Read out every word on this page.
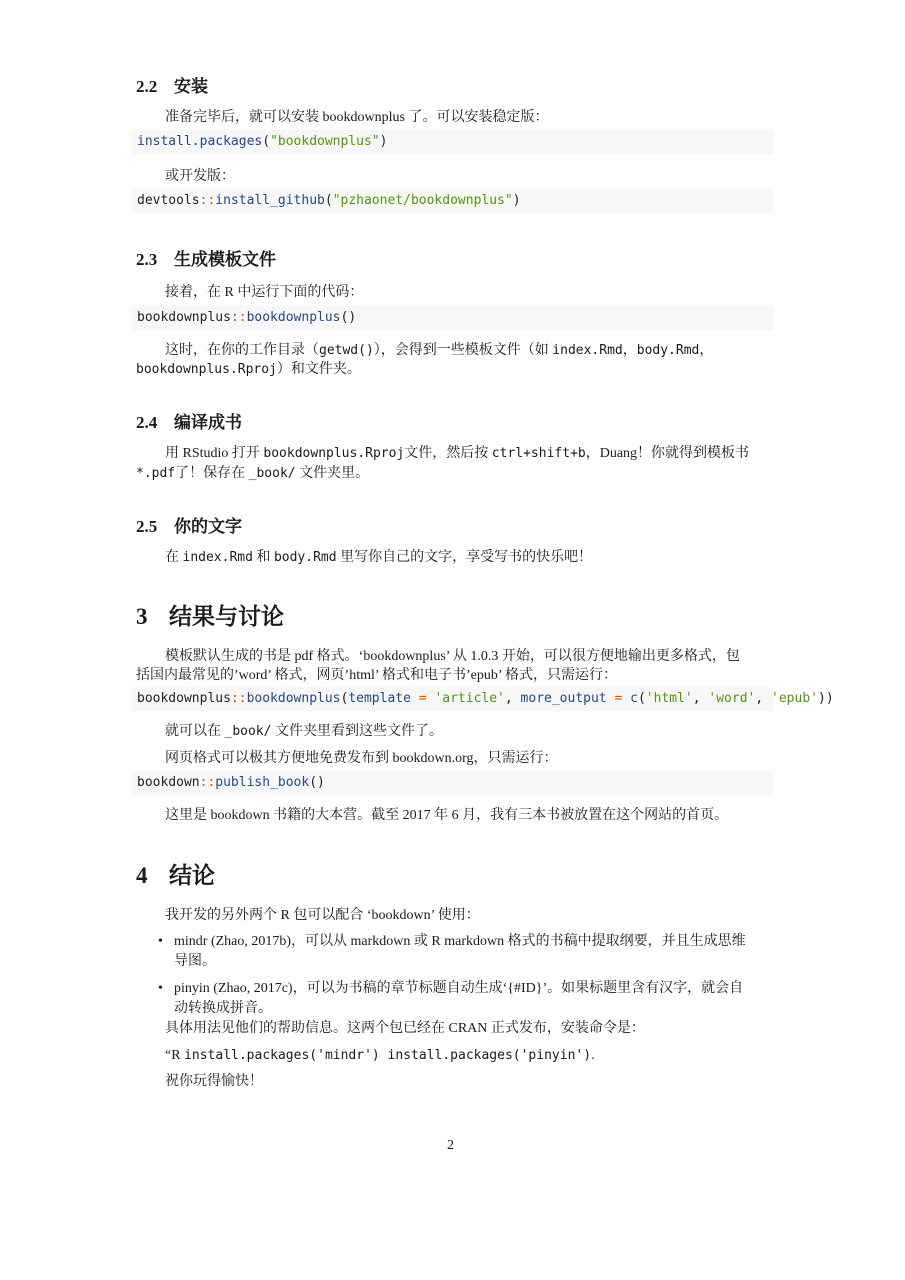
2.2 安装
准备完毕后，就可以安装 bookdownplus 了。可以安装稳定版：
install.packages("bookdownplus")
或开发版：
devtools::install_github("pzhaonet/bookdownplus")
2.3 生成模板文件
接着，在 R 中运行下面的代码：
bookdownplus::bookdownplus()
这时，在你的工作目录（getwd()），会得到一些模板文件（如 index.Rmd，body.Rmd，
bookdownplus.Rproj）和文件夹。
2.4 编译成书
用 RStudio 打开 bookdownplus.Rproj文件，然后按 ctrl+shift+b，Duang！你就得到模板书
*.pdf了！保存在 _book/ 文件夹里。
2.5 你的文字
在 index.Rmd 和 body.Rmd 里写你自己的文字，享受写书的快乐吧！
3 结果与讨论
模板默认生成的书是 pdf 格式。‘bookdownplus’ 从 1.0.3 开始，可以很方便地输出更多格式，包
括国内最常见的’word’ 格式，网页’html’ 格式和电子书’epub’ 格式，只需运行：
bookdownplus::bookdownplus(template = 'article', more_output = c('html', 'word', 'epub'))
就可以在 _book/ 文件夹里看到这些文件了。
网页格式可以极其方便地免费发布到 bookdown.org，只需运行：
bookdown::publish_book()
这里是 bookdown 书籍的大本营。截至 2017 年 6 月，我有三本书被放置在这个网站的首页。
4 结论
我开发的另外两个 R 包可以配合 ‘bookdown’ 使用：
• mindr (Zhao, 2017b)，可以从 markdown 或 R markdown 格式的书稿中提取纲要，并且生成思维
导图。
• pinyin (Zhao, 2017c)，可以为书稿的章节标题自动生成‘{#ID}’。如果标题里含有汉字，就会自
动转换成拼音。
具体用法见他们的帮助信息。这两个包已经在 CRAN 正式发布，安装命令是：
“R install.packages('mindr') install.packages('pinyin').
祝你玩得愉快！
2
